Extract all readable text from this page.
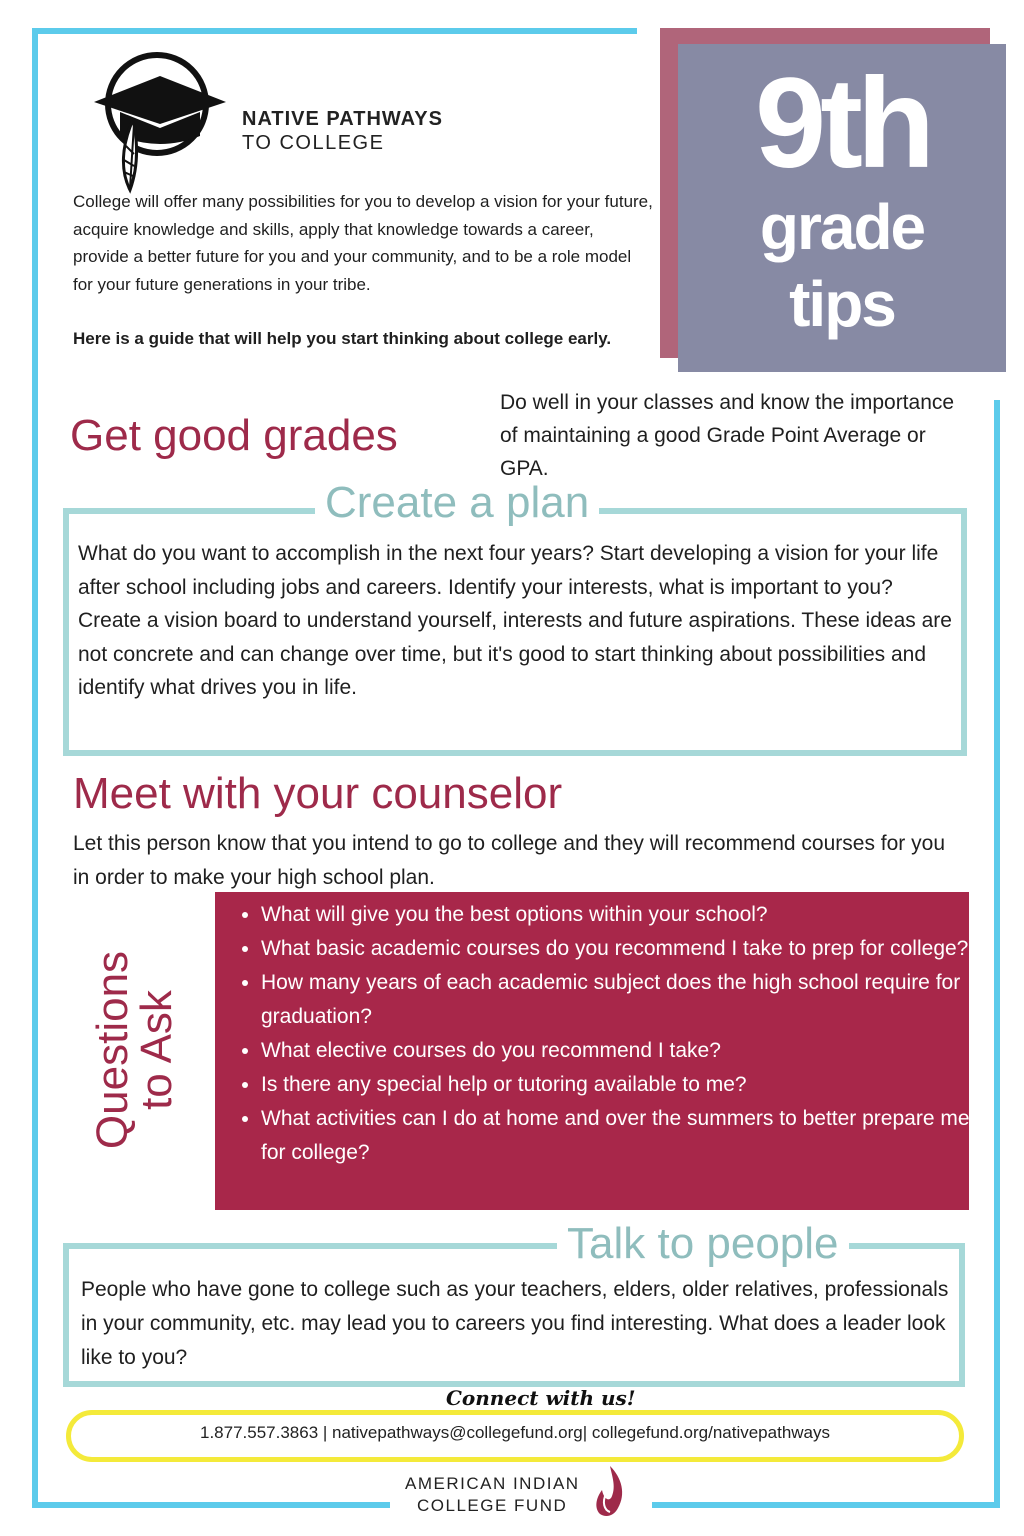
NATIVE PATHWAYS
TO COLLEGE	9th
grade
tips
College will offer many possibilities for you to develop a vision for your future, acquire knowledge and skills, apply that knowledge towards a career, provide a better future for you and your community, and to be a role model for your future generations in your tribe.
Here is a guide that will help you start thinking about college early.
Get good grades
Do well in your classes and know the importance of maintaining a good Grade Point Average or GPA.
Create a plan
What do you want to accomplish in the next four years? Start developing a vision for your life after school including jobs and careers. Identify your interests, what is important to you?
Create a vision board to understand yourself, interests and future aspirations. These ideas are not concrete and can change over time, but it's good to start thinking about possibilities and identify what drives you in life.
Meet with your counselor
Let this person know that you intend to go to college and they will recommend courses for you in order to make your high school plan.
Questions
to Ask
• What will give you the best options within your school?
• What basic academic courses do you recommend I take to prep for college?
• How many years of each academic subject does the high school require for graduation?
• What elective courses do you recommend I take?
• Is there any special help or tutoring available to me?
• What activities can I do at home and over the summers to better prepare me for college?
Talk to people
People who have gone to college such as your teachers, elders, older relatives, professionals in your community, etc. may lead you to careers you find interesting. What does a leader look like to you?
Connect with us!
1.877.557.3863 | nativepathways@collegefund.org| collegefund.org/nativepathways
AMERICAN INDIAN
COLLEGE FUND
